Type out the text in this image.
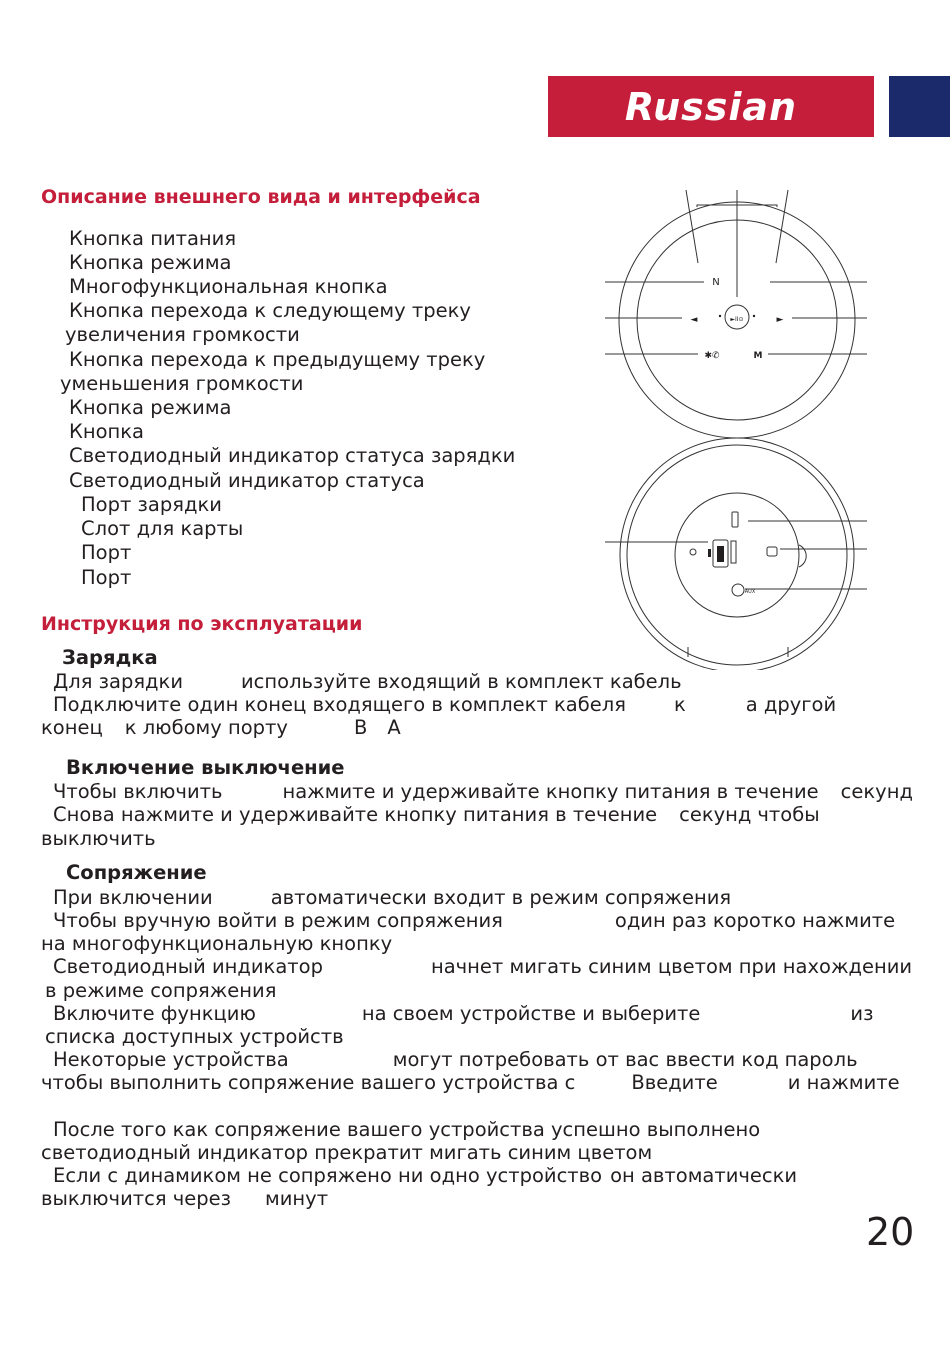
Russian
Описание внешнего вида и интерфейса

Кнопка питания

Кнопка режима

Многофункциональная кнопка

Кнопка перехода к следующему треку

увеличения громкости

Кнопка перехода к предыдущему треку

уменьшения громкости

Кнопка режима

Кнопка

Светодиодный индикатор статуса зарядки

Светодиодный индикатор статуса

Порт зарядки

Слот для карты

Порт

Порт

N
►II⊙
◄	►
✱✆	M
AUX
Инструкция по эксплуатации

Зарядка

Для зарядки	используйте входящий в комплект кабель

Подключите один конец входящего в комплект кабеля к	а другой

конец к любому порту	В А

Включение выключение

Чтобы включить	нажмите и удерживайте кнопку питания в течение секунд

Снова нажмите и удерживайте кнопку питания в течение секунд чтобы

выключить

Сопряжение

При включении	автоматически входит в режим сопряжения

Чтобы вручную войти в режим сопряжения	один раз коротко нажмите

на многофункциональную кнопку

Светодиодный индикатор	начнет мигать синим цветом при нахождении

в режиме сопряжения

Включите функцию	на своем устройстве и выберите	из

списка доступных устройств

Некоторые устройства	могут потребовать от вас ввести код пароль

чтобы выполнить сопряжение вашего устройства с	Введите	и нажмите

После того как сопряжение вашего устройства успешно выполнено

светодиодный индикатор прекратит мигать синим цветом

Если с динамиком не сопряжено ни одно устройство он автоматически

выключится через минут

20
